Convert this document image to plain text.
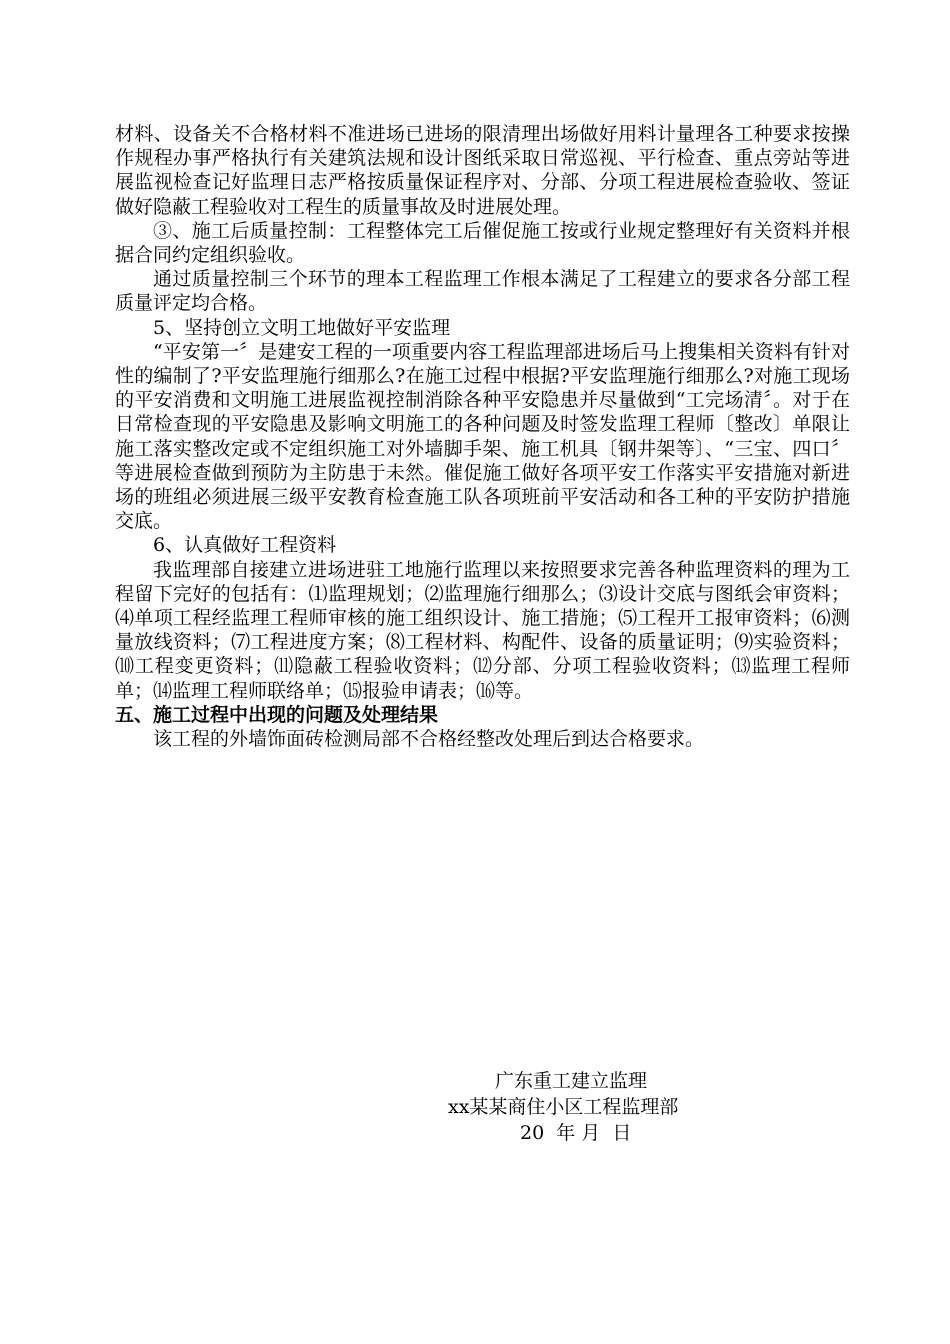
材料、设备关不合格材料不准进场已进场的限清理出场做好用料计量理各工种要求按操作规程办事严格执行有关建筑法规和设计图纸采取日常巡视、平行检查、重点旁站等进展监视检查记好监理日志严格按质量保证程序对、分部、分项工程进展检查验收、签证做好隐蔽工程验收对工程生的质量事故及时进展处理。

③、施工后质量控制：工程整体完工后催促施工按或行业规定整理好有关资料并根据合同约定组织验收。

通过质量控制三个环节的理本工程监理工作根本满足了工程建立的要求各分部工程质量评定均合格。

5、坚持创立文明工地做好平安监理

“平安第一〞是建安工程的一项重要内容工程监理部进场后马上搜集相关资料有针对性的编制了?平安监理施行细那么?在施工过程中根据?平安监理施行细那么?对施工现场的平安消费和文明施工进展监视控制消除各种平安隐患并尽量做到“工完场清〞。对于在日常检查现的平安隐患及影响文明施工的各种问题及时签发监理工程师〔整改〕单限让施工落实整改定或不定组织施工对外墙脚手架、施工机具〔钢井架等〕、“三宝、四口〞等进展检查做到预防为主防患于未然。催促施工做好各项平安工作落实平安措施对新进场的班组必须进展三级平安教育检查施工队各项班前平安活动和各工种的平安防护措施交底。

6、认真做好工程资料

我监理部自接建立进场进驻工地施行监理以来按照要求完善各种监理资料的理为工程留下完好的包括有：⑴监理规划；⑵监理施行细那么；⑶设计交底与图纸会审资料；⑷单项工程经监理工程师审核的施工组织设计、施工措施；⑸工程开工报审资料；⑹测量放线资料；⑺工程进度方案；⑻工程材料、构配件、设备的质量证明；⑼实验资料；⑽工程变更资料；⑾隐蔽工程验收资料；⑿分部、分项工程验收资料；⒀监理工程师单；⒁监理工程师联络单；⒂报验申请表；⒃等。

五、施工过程中出现的问题及处理结果

该工程的外墙饰面砖检测局部不合格经整改处理后到达合格要求。

广东重工建立监理
xx某某商住小区工程监理部
20  年 月  日
